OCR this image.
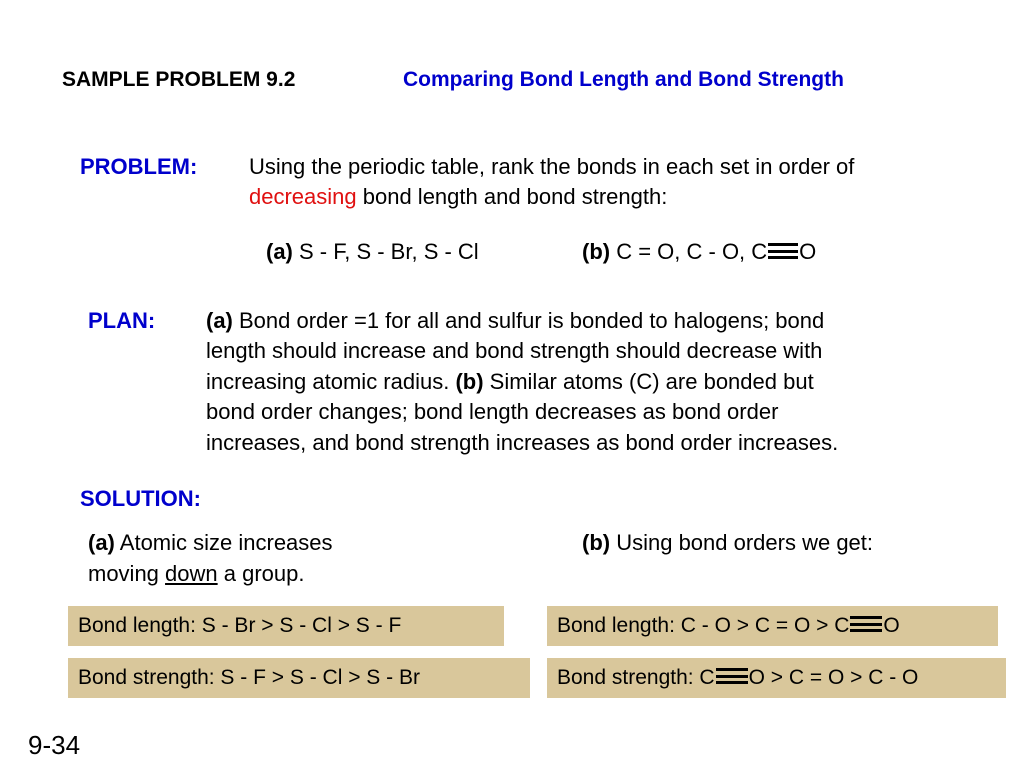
SAMPLE PROBLEM 9.2	Comparing Bond Length and Bond Strength
PROBLEM: Using the periodic table, rank the bonds in each set in order of
decreasing bond length and bond strength:
(a) S - F, S - Br, S - Cl	(b) C = O, C - O, C O
PLAN: (a) Bond order =1 for all and sulfur is bonded to halogens; bond
length should increase and bond strength should decrease with
increasing atomic radius. (b) Similar atoms (C) are bonded but
bond order changes; bond length decreases as bond order
increases, and bond strength increases as bond order increases.
SOLUTION:
(a) Atomic size increases
moving down a group.
(b) Using bond orders we get:
Bond length: S - Br > S - Cl > S - F
Bond strength: S - F > S - Cl > S - Br
Bond length: C - O > C = O > C O
Bond strength: C O > C = O > C - O
9-34
